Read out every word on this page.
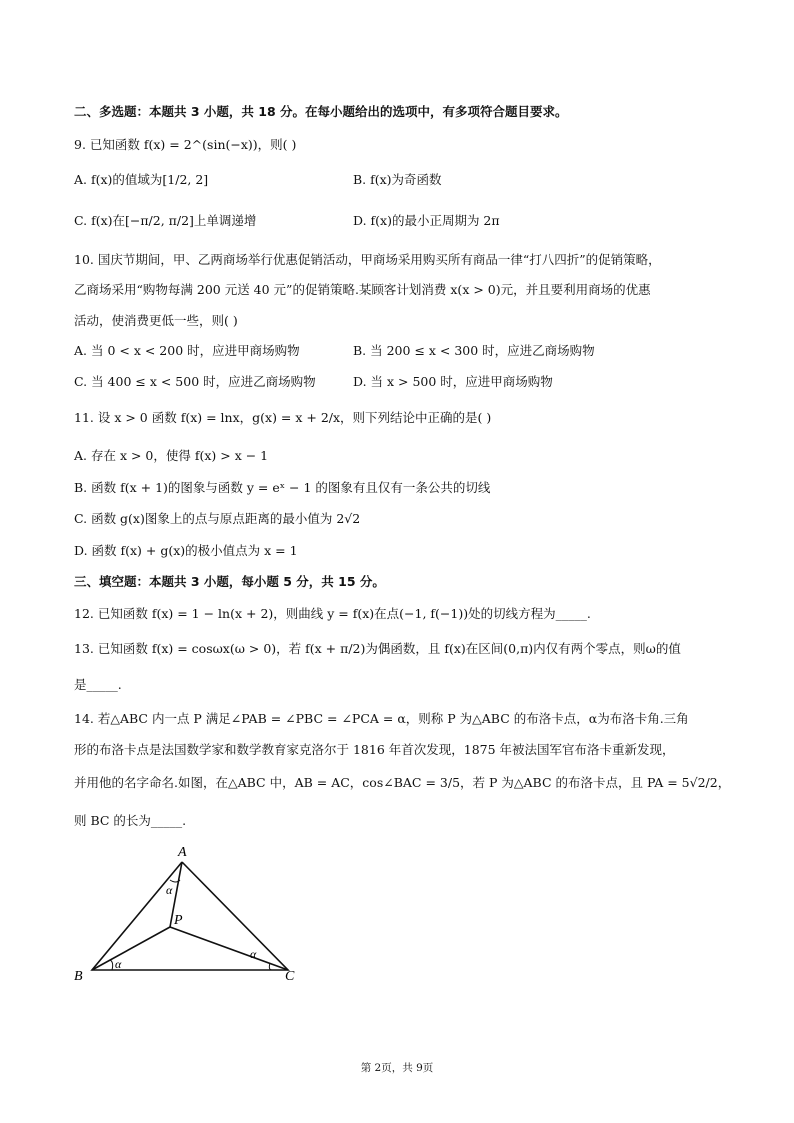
二、多选题：本题共 3 小题，共 18 分。在每小题给出的选项中，有多项符合题目要求。
9. 已知函数 f(x) = 2^(sin(−x))，则( )
A. f(x)的值域为[1/2, 2]	B. f(x)为奇函数
C. f(x)在[−π/2, π/2]上单调递增	D. f(x)的最小正周期为 2π
10. 国庆节期间，甲、乙两商场举行优惠促销活动，甲商场采用购买所有商品一律“打八四折”的促销策略，
乙商场采用“购物每满 200 元送 40 元”的促销策略.某顾客计划消费 x(x > 0)元，并且要利用商场的优惠
活动，使消费更低一些，则( )
A. 当 0 < x < 200 时，应进甲商场购物	B. 当 200 ≤ x < 300 时，应进乙商场购物
C. 当 400 ≤ x < 500 时，应进乙商场购物	D. 当 x > 500 时，应进甲商场购物
11. 设 x > 0 函数 f(x) = lnx，g(x) = x + 2/x，则下列结论中正确的是( )
A. 存在 x > 0，使得 f(x) > x − 1
B. 函数 f(x + 1)的图象与函数 y = eˣ − 1 的图象有且仅有一条公共的切线
C. 函数 g(x)图象上的点与原点距离的最小值为 2√2
D. 函数 f(x) + g(x)的极小值点为 x = 1
三、填空题：本题共 3 小题，每小题 5 分，共 15 分。
12. 已知函数 f(x) = 1 − ln(x + 2)，则曲线 y = f(x)在点(−1, f(−1))处的切线方程为_____.
13. 已知函数 f(x) = cosωx(ω > 0)，若 f(x + π/2)为偶函数，且 f(x)在区间(0,π)内仅有两个零点，则ω的值
是_____.
14. 若△ABC 内一点 P 满足∠PAB = ∠PBC = ∠PCA = α，则称 P 为△ABC 的布洛卡点，α为布洛卡角.三角
形的布洛卡点是法国数学家和数学教育家克洛尔于 1816 年首次发现，1875 年被法国军官布洛卡重新发现，
并用他的名字命名.如图，在△ABC 中，AB = AC，cos∠BAC = 3/5，若 P 为△ABC 的布洛卡点，且 PA = 5√2/2，
则 BC 的长为_____.
A
B	C
P
α
α
α
第 2页，共 9页
